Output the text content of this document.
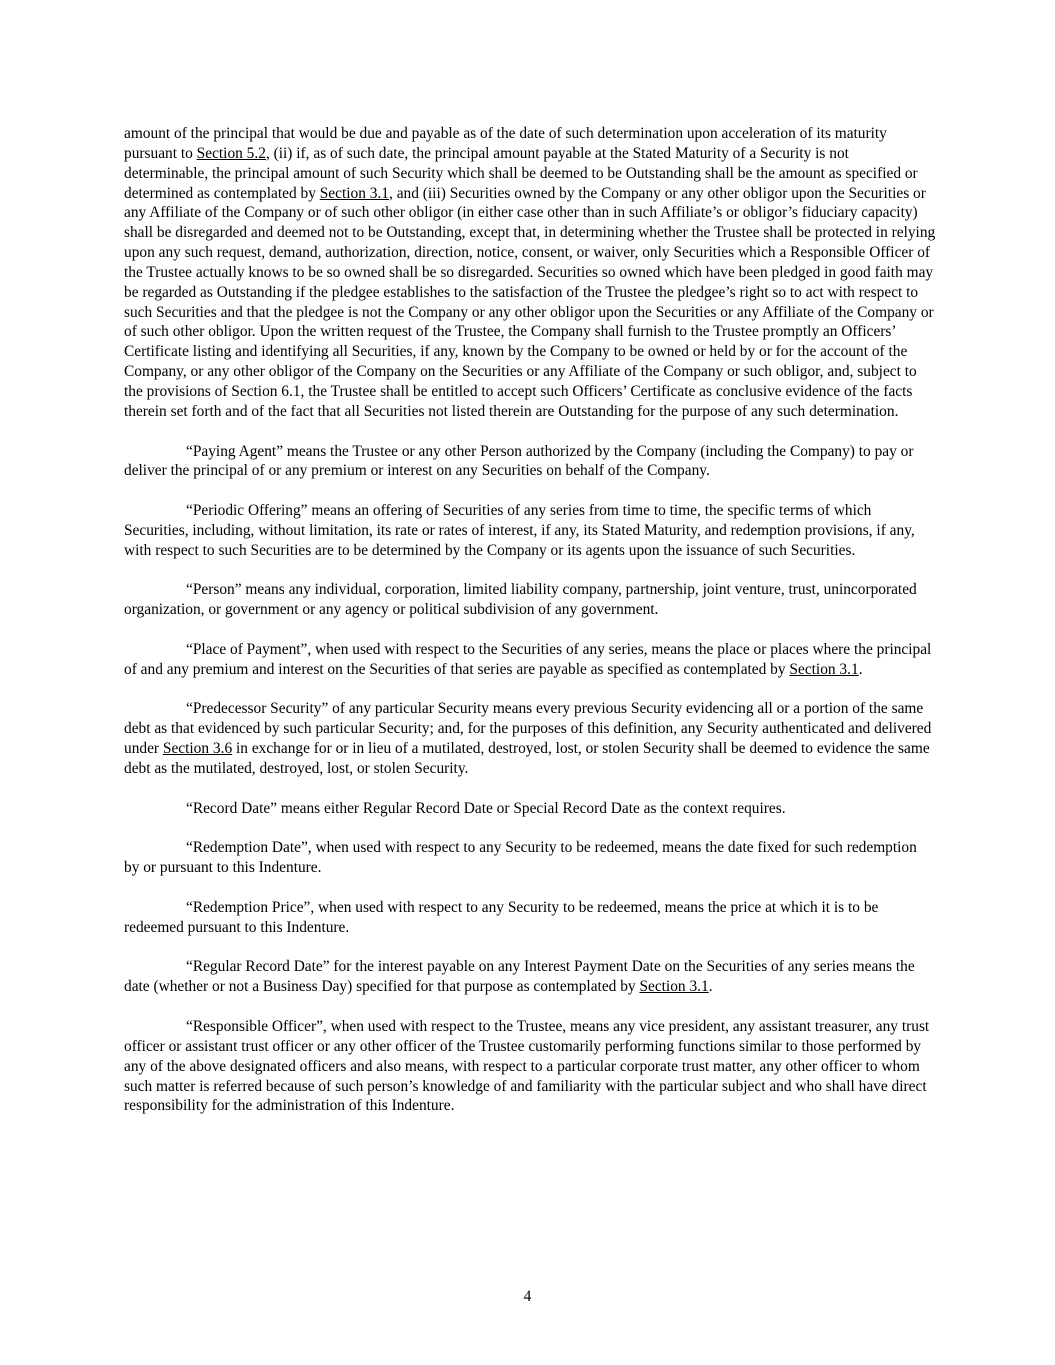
amount of the principal that would be due and payable as of the date of such determination upon acceleration of its maturity pursuant to Section 5.2, (ii) if, as of such date, the principal amount payable at the Stated Maturity of a Security is not determinable, the principal amount of such Security which shall be deemed to be Outstanding shall be the amount as specified or determined as contemplated by Section 3.1, and (iii) Securities owned by the Company or any other obligor upon the Securities or any Affiliate of the Company or of such other obligor (in either case other than in such Affiliate’s or obligor’s fiduciary capacity) shall be disregarded and deemed not to be Outstanding, except that, in determining whether the Trustee shall be protected in relying upon any such request, demand, authorization, direction, notice, consent, or waiver, only Securities which a Responsible Officer of the Trustee actually knows to be so owned shall be so disregarded. Securities so owned which have been pledged in good faith may be regarded as Outstanding if the pledgee establishes to the satisfaction of the Trustee the pledgee’s right so to act with respect to such Securities and that the pledgee is not the Company or any other obligor upon the Securities or any Affiliate of the Company or of such other obligor. Upon the written request of the Trustee, the Company shall furnish to the Trustee promptly an Officers’ Certificate listing and identifying all Securities, if any, known by the Company to be owned or held by or for the account of the Company, or any other obligor of the Company on the Securities or any Affiliate of the Company or such obligor, and, subject to the provisions of Section 6.1, the Trustee shall be entitled to accept such Officers’ Certificate as conclusive evidence of the facts therein set forth and of the fact that all Securities not listed therein are Outstanding for the purpose of any such determination.

“Paying Agent” means the Trustee or any other Person authorized by the Company (including the Company) to pay or deliver the principal of or any premium or interest on any Securities on behalf of the Company.

“Periodic Offering” means an offering of Securities of any series from time to time, the specific terms of which Securities, including, without limitation, its rate or rates of interest, if any, its Stated Maturity, and redemption provisions, if any, with respect to such Securities are to be determined by the Company or its agents upon the issuance of such Securities.

“Person” means any individual, corporation, limited liability company, partnership, joint venture, trust, unincorporated organization, or government or any agency or political subdivision of any government.

“Place of Payment”, when used with respect to the Securities of any series, means the place or places where the principal of and any premium and interest on the Securities of that series are payable as specified as contemplated by Section 3.1.

“Predecessor Security” of any particular Security means every previous Security evidencing all or a portion of the same debt as that evidenced by such particular Security; and, for the purposes of this definition, any Security authenticated and delivered under Section 3.6 in exchange for or in lieu of a mutilated, destroyed, lost, or stolen Security shall be deemed to evidence the same debt as the mutilated, destroyed, lost, or stolen Security.

“Record Date” means either Regular Record Date or Special Record Date as the context requires.

“Redemption Date”, when used with respect to any Security to be redeemed, means the date fixed for such redemption by or pursuant to this Indenture.

“Redemption Price”, when used with respect to any Security to be redeemed, means the price at which it is to be redeemed pursuant to this Indenture.

“Regular Record Date” for the interest payable on any Interest Payment Date on the Securities of any series means the date (whether or not a Business Day) specified for that purpose as contemplated by Section 3.1.

“Responsible Officer”, when used with respect to the Trustee, means any vice president, any assistant treasurer, any trust officer or assistant trust officer or any other officer of the Trustee customarily performing functions similar to those performed by any of the above designated officers and also means, with respect to a particular corporate trust matter, any other officer to whom such matter is referred because of such person’s knowledge of and familiarity with the particular subject and who shall have direct responsibility for the administration of this Indenture.

4
